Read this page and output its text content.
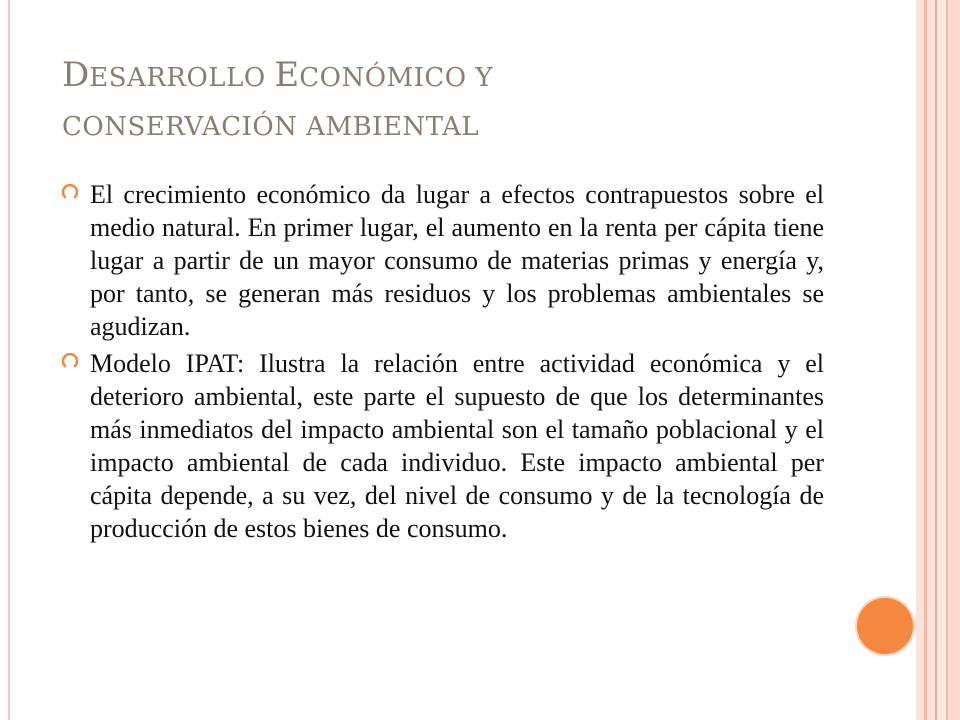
DESARROLLO ECONÓMICO Y
CONSERVACIÓN AMBIENTAL
El crecimiento económico da lugar a efectos contrapuestos sobre el medio natural. En primer lugar, el aumento en la renta per cápita tiene lugar a partir de un mayor consumo de materias primas y energía y, por tanto, se generan más residuos y los problemas ambientales se agudizan.
Modelo IPAT: Ilustra la relación entre actividad económica y el deterioro ambiental, este parte el supuesto de que los determinantes más inmediatos del impacto ambiental son el tamaño poblacional y el impacto ambiental de cada individuo. Este impacto ambiental per cápita depende, a su vez, del nivel de consumo y de la tecnología de producción de estos bienes de consumo.
